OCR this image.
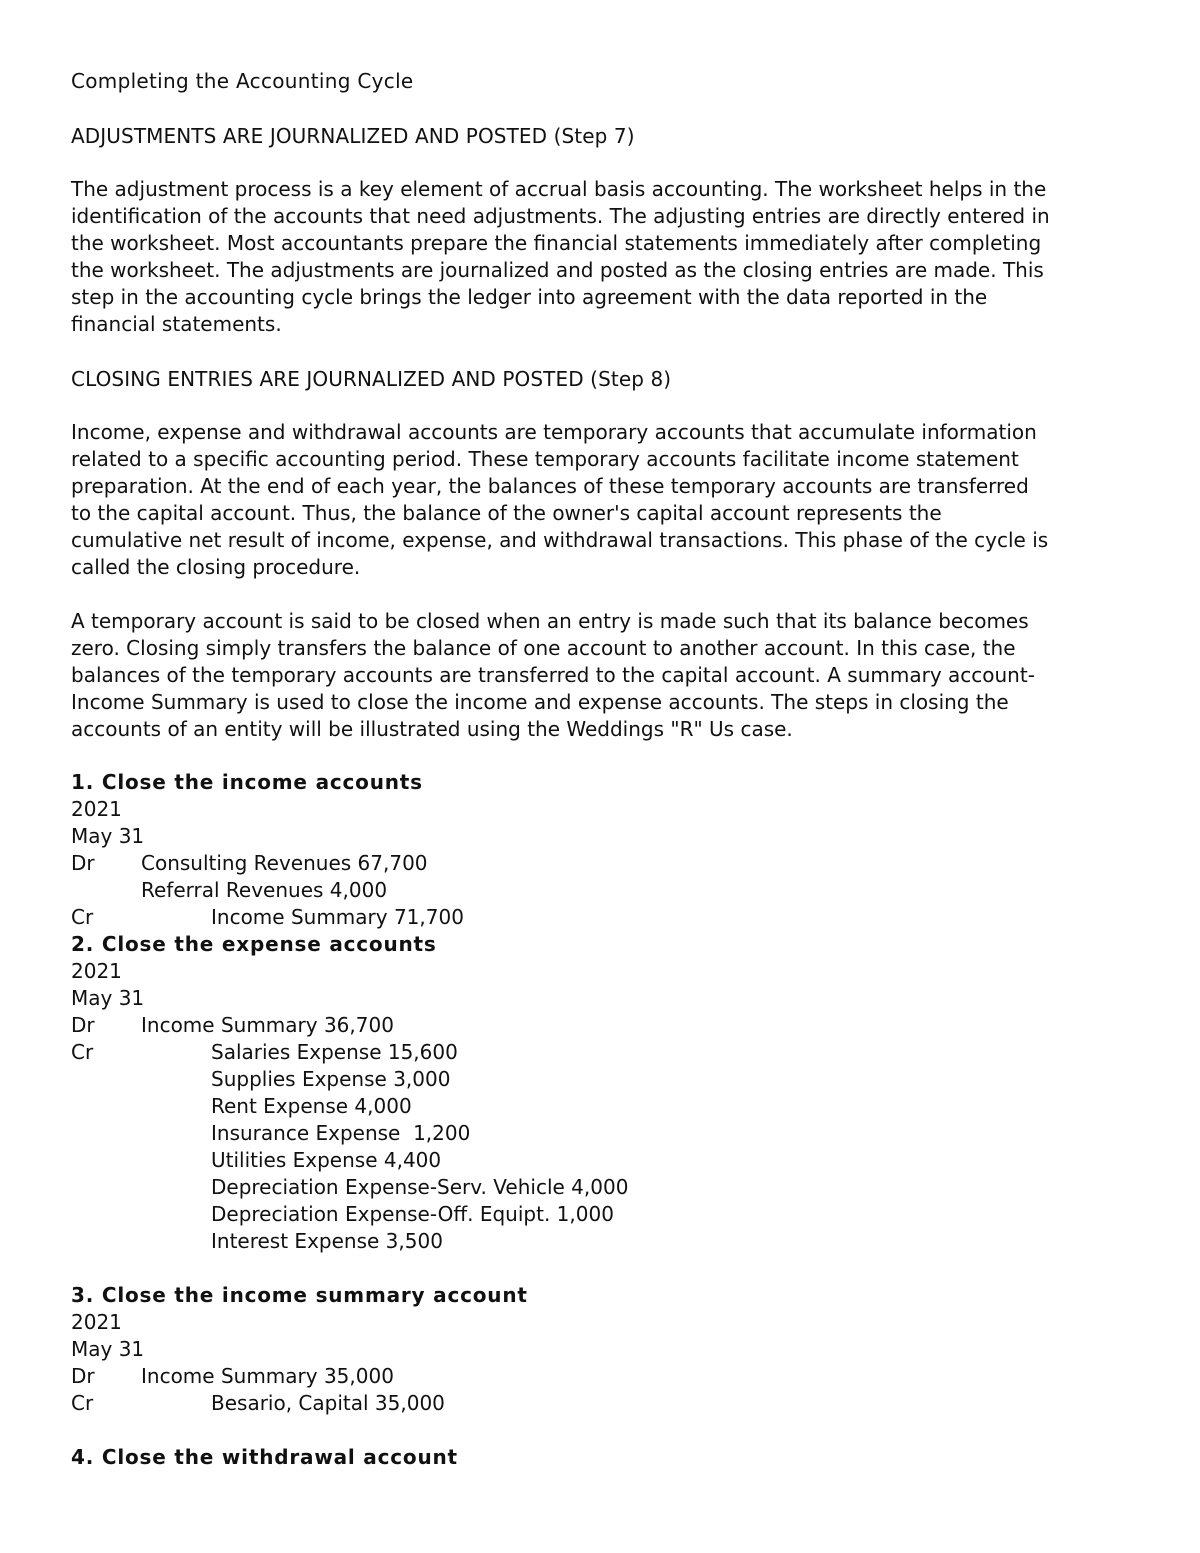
Completing the Accounting Cycle
ADJUSTMENTS ARE JOURNALIZED AND POSTED (Step 7)
The adjustment process is a key element of accrual basis accounting. The worksheet helps in the
identification of the accounts that need adjustments. The adjusting entries are directly entered in
the worksheet. Most accountants prepare the financial statements immediately after completing
the worksheet. The adjustments are journalized and posted as the closing entries are made. This
step in the accounting cycle brings the ledger into agreement with the data reported in the
financial statements.
CLOSING ENTRIES ARE JOURNALIZED AND POSTED (Step 8)
Income, expense and withdrawal accounts are temporary accounts that accumulate information
related to a specific accounting period. These temporary accounts facilitate income statement
preparation. At the end of each year, the balances of these temporary accounts are transferred
to the capital account. Thus, the balance of the owner's capital account represents the
cumulative net result of income, expense, and withdrawal transactions. This phase of the cycle is
called the closing procedure.
A temporary account is said to be closed when an entry is made such that its balance becomes
zero. Closing simply transfers the balance of one account to another account. In this case, the
balances of the temporary accounts are transferred to the capital account. A summary account-
Income Summary is used to close the income and expense accounts. The steps in closing the
accounts of an entity will be illustrated using the Weddings "R" Us case.
1. Close the income accounts
2021
May 31
Dr Consulting Revenues 67,700
Referral Revenues 4,000
Cr	Income Summary 71,700
2. Close the expense accounts
2021
May 31
Dr Income Summary 36,700
Cr	Salaries Expense 15,600
Supplies Expense 3,000
Rent Expense 4,000
Insurance Expense  1,200
Utilities Expense 4,400
Depreciation Expense-Serv. Vehicle 4,000
Depreciation Expense-Off. Equipt. 1,000
Interest Expense 3,500
3. Close the income summary account
2021
May 31
Dr Income Summary 35,000
Cr	Besario, Capital 35,000
4. Close the withdrawal account
